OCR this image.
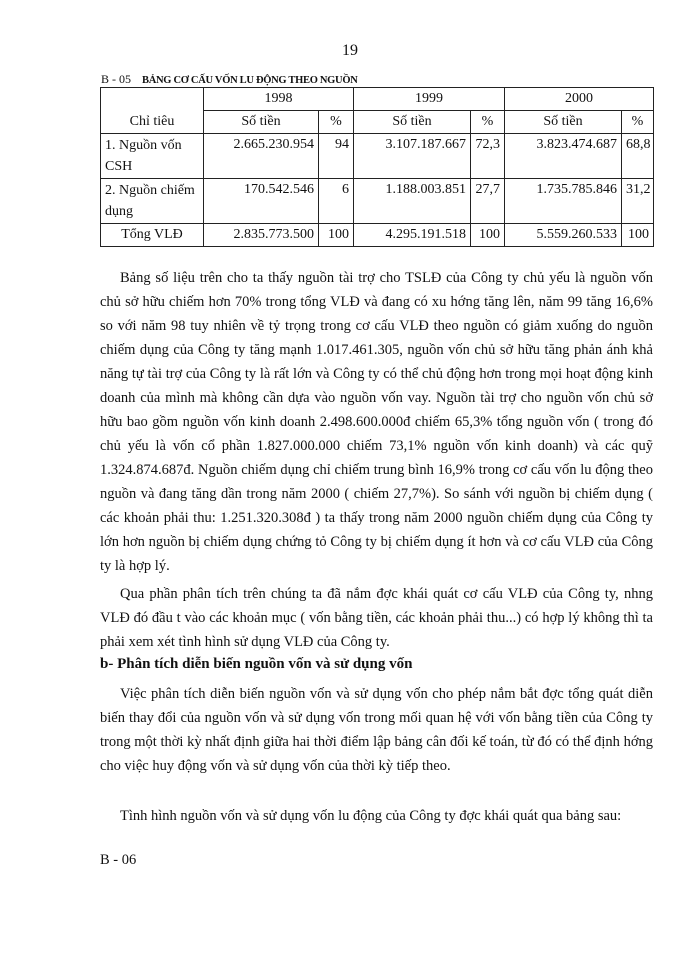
19
B - 05 BẢNG CƠ CẤU VỐN LU ĐỘNG THEO NGUỒN
Chỉ tiêu	1998		1999		2000	
	Số tiền	%	Số tiền	%	Số tiền	%
1. Nguồn vốn CSH	2.665.230.954	94	3.107.187.667	72,3	3.823.474.687	68,8
2. Nguồn chiếm dụng	170.542.546	6	1.188.003.851	27,7	1.735.785.846	31,2
Tổng VLĐ	2.835.773.500	100	4.295.191.518	100	5.559.260.533	100

Bảng số liệu trên cho ta thấy nguồn tài trợ cho TSLĐ của Công ty chủ yếu là nguồn vốn chủ sở hữu chiếm hơn 70% trong tổng VLĐ và đang có xu hớng tăng lên, năm 99 tăng 16,6% so với năm 98 tuy nhiên về tỷ trọng trong cơ cấu VLĐ theo nguồn có giảm xuống do nguồn chiếm dụng của Công ty tăng mạnh 1.017.461.305, nguồn vốn chủ sở hữu tăng phản ánh khả năng tự tài trợ của Công ty là rất lớn và Công ty có thể chủ động hơn trong mọi hoạt động kinh doanh của mình mà không cần dựa vào nguồn vốn vay. Nguồn tài trợ cho nguồn vốn chủ sở hữu bao gồm nguồn vốn kinh doanh 2.498.600.000đ chiếm 65,3% tổng nguồn vốn ( trong đó chủ yếu là vốn cổ phần 1.827.000.000 chiếm 73,1% nguồn vốn kinh doanh) và các quỹ 1.324.874.687đ. Nguồn chiếm dụng chỉ chiếm trung bình 16,9% trong cơ cấu vốn lu động theo nguồn và đang tăng dần trong năm 2000 ( chiếm 27,7%). So sánh với nguồn bị chiếm dụng ( các khoản phải thu: 1.251.320.308đ ) ta thấy trong năm 2000 nguồn chiếm dụng của Công ty lớn hơn nguồn bị chiếm dụng chứng tỏ Công ty bị chiếm dụng ít hơn và cơ cấu VLĐ của Công ty là hợp lý.

Qua phần phân tích trên chúng ta đã nắm đợc khái quát cơ cấu VLĐ của Công ty, nhng VLĐ đó đầu t vào các khoản mục ( vốn bằng tiền, các khoản phải thu...) có hợp lý không thì ta phải xem xét tình hình sử dụng VLĐ của Công ty.

b- Phân tích diễn biến nguồn vốn và sử dụng vốn

Việc phân tích diễn biến nguồn vốn và sử dụng vốn cho phép nắm bắt đợc tổng quát diễn biến thay đổi của nguồn vốn và sử dụng vốn trong mối quan hệ với vốn bằng tiền của Công ty trong một thời kỳ nhất định giữa hai thời điểm lập bảng cân đối kế toán, từ đó có thể định hớng cho việc huy động vốn và sử dụng vốn của thời kỳ tiếp theo.

Tình hình nguồn vốn và sử dụng vốn lu động của Công ty đợc khái quát qua bảng sau:

B - 06
